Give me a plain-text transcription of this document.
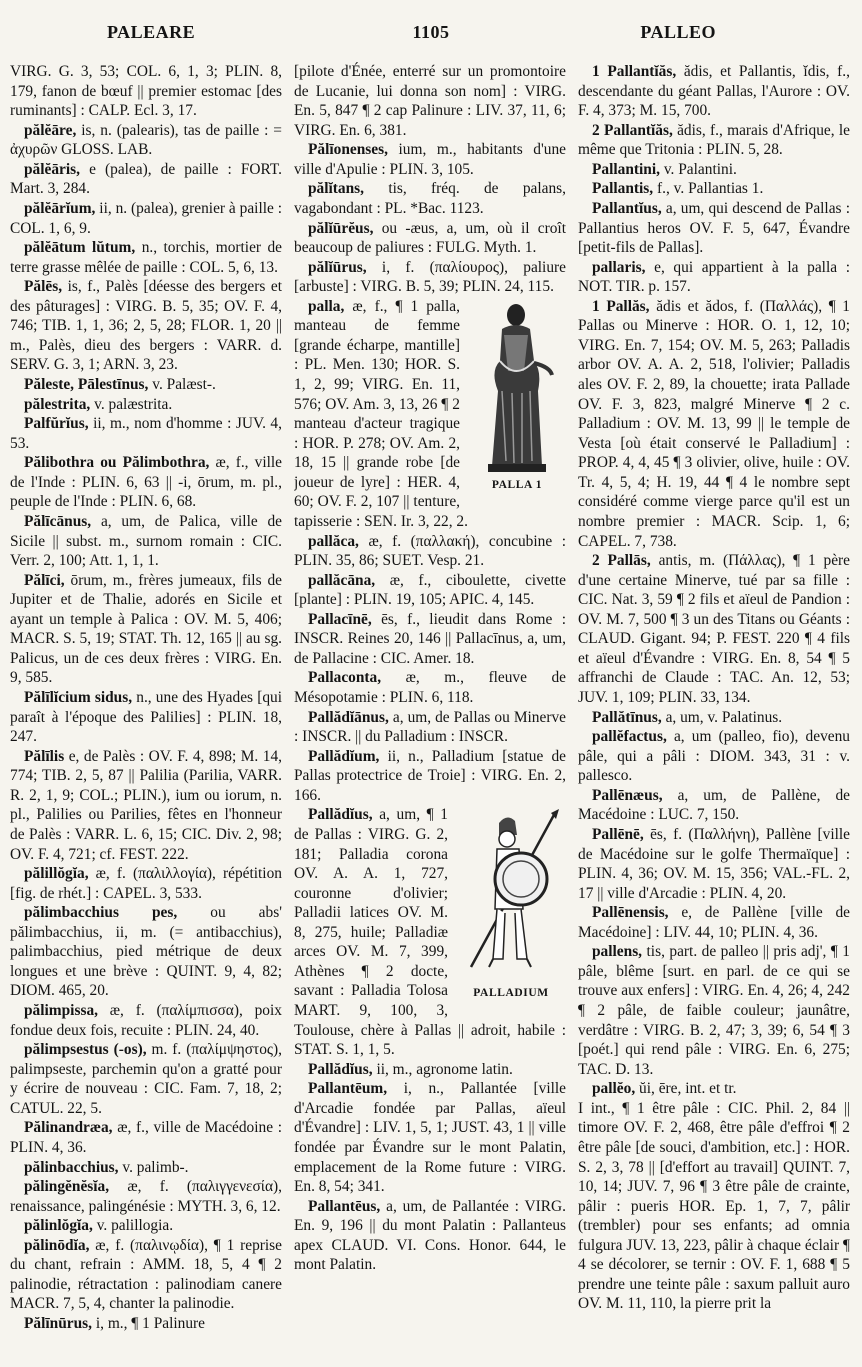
PALEARE	1105	PALLEO

VIRG. G. 3, 53; COL. 6, 1, 3; PLIN. 8, 179, fanon de bœuf || premier estomac [des ruminants] : CALP. Ecl. 3, 17.

pălĕāre, is, n. (palearis), tas de paille : = ἀχυρῶν GLOSS. LAB.

pălĕāris, e (palea), de paille : FORT. Mart. 3, 284.

pălĕārĭum, ii, n. (palea), grenier à paille : COL. 1, 6, 9.

pălĕātum lŭtum, n., torchis, mortier de terre grasse mêlée de paille : COL. 5, 6, 13.

Pălēs, is, f., Palès [déesse des bergers et des pâturages] : VIRG. B. 5, 35; OV. F. 4, 746; TIB. 1, 1, 36; 2, 5, 28; FLOR. 1, 20 || m., Palès, dieu des bergers : VARR. d. SERV. G. 3, 1; ARN. 3, 23.

Păleste, Pālestīnus, v. Palæst-.

pălestrita, v. palæstrita.

Palfŭrĭus, ii, m., nom d'homme : JUV. 4, 53.

Pălibothra ou Pălimbothra, æ, f., ville de l'Inde : PLIN. 6, 63 || -i, ōrum, m. pl., peuple de l'Inde : PLIN. 6, 68.

Pălīcānus, a, um, de Palica, ville de Sicile || subst. m., surnom romain : CIC. Verr. 2, 100; Att. 1, 1, 1.

Pălīci, ōrum, m., frères jumeaux, fils de Jupiter et de Thalie, adorés en Sicile et ayant un temple à Palica : OV. M. 5, 406; MACR. S. 5, 19; STAT. Th. 12, 165 || au sg. Palicus, un de ces deux frères : VIRG. En. 9, 585.

Pălīlĭcium sidus, n., une des Hyades [qui paraît à l'époque des Palilies] : PLIN. 18, 247.

Pălīlis e, de Palès : OV. F. 4, 898; M. 14, 774; TIB. 2, 5, 87 || Palilia (Parilia, VARR. R. 2, 1, 9; COL.; PLIN.), ium ou iorum, n. pl., Palilies ou Parilies, fêtes en l'honneur de Palès : VARR. L. 6, 15; CIC. Div. 2, 98; OV. F. 4, 721; cf. FEST. 222.

pălillŏgĭa, æ, f. (παλιλλογία), répétition [fig. de rhét.] : CAPEL. 3, 533.

pălimbacchius pes, ou abs' pălimbacchius, ii, m. (= antibacchius), palimbacchius, pied métrique de deux longues et une brève : QUINT. 9, 4, 82; DIOM. 465, 20.

pălimpissa, æ, f. (παλίμπισσα), poix fondue deux fois, recuite : PLIN. 24, 40.

pălimpsestus (-os), m. f. (παλίμψηστος), palimpseste, parchemin qu'on a gratté pour y écrire de nouveau : CIC. Fam. 7, 18, 2; CATUL. 22, 5.

Pălinandræa, æ, f., ville de Macédoine : PLIN. 4, 36.

pălinbacchius, v. palimb-.

pălingĕnĕsĭa, æ, f. (παλιγγενεσία), renaissance, palingénésie : MYTH. 3, 6, 12.

pălinlŏgĭa, v. palillogia.

pălinōdĭa, æ, f. (παλινῳδία), ¶ 1 reprise du chant, refrain : AMM. 18, 5, 4 ¶ 2 palinodie, rétractation : palinodiam canere MACR. 7, 5, 4, chanter la palinodie.

Pălīnūrus, i, m., ¶ 1 Palinure

[pilote d'Énée, enterré sur un promontoire de Lucanie, lui donna son nom] : VIRG. En. 5, 847 ¶ 2 cap Palinure : LIV. 37, 11, 6; VIRG. En. 6, 381.

Pălīonenses, ium, m., habitants d'une ville d'Apulie : PLIN. 3, 105.

pălĭtans, tis, fréq. de palans, vagabondant : PL. *Bac. 1123.

pălĭūrĕus, ou -æus, a, um, où il croît beaucoup de paliures : FULG. Myth. 1.

pălĭūrus, i, f. (παλίουρος), paliure [arbuste] : VIRG. B. 5, 39; PLIN. 24, 115.

PALLA 1

palla, æ, f., ¶ 1 palla, manteau de femme [grande écharpe, mantille] : PL. Men. 130; HOR. S. 1, 2, 99; VIRG. En. 11, 576; OV. Am. 3, 13, 26 ¶ 2 manteau d'acteur tragique : HOR. P. 278; OV. Am. 2, 18, 15 || grande robe [de joueur de lyre] : HER. 4, 60; OV. F. 2, 107 || tenture, tapisserie : SEN. Ir. 3, 22, 2.

pallăca, æ, f. (παλλακή), concubine : PLIN. 35, 86; SUET. Vesp. 21.

pallăcāna, æ, f., ciboulette, civette [plante] : PLIN. 19, 105; APIC. 4, 145.

Pallacīnē, ēs, f., lieudit dans Rome : INSCR. Reines 20, 146 || Pallacīnus, a, um, de Pallacine : CIC. Amer. 18.

Pallaconta, æ, m., fleuve de Mésopotamie : PLIN. 6, 118.

Pallădĭānus, a, um, de Pallas ou Minerve : INSCR. || du Palladium : INSCR.

Pallădĭum, ii, n., Palladium [statue de Pallas protectrice de Troie] : VIRG. En. 2, 166.

PALLADIUM

Pallădĭus, a, um, ¶ 1 de Pallas : VIRG. G. 2, 181; Palladia corona OV. A. A. 1, 727, couronne d'olivier; Palladii latices OV. M. 8, 275, huile; Palladiæ arces OV. M. 7, 399, Athènes ¶ 2 docte, savant : Palladia Tolosa MART. 9, 100, 3, Toulouse, chère à Pallas || adroit, habile : STAT. S. 1, 1, 5.

Pallădĭus, ii, m., agronome latin.

Pallantēum, i, n., Pallantée [ville d'Arcadie fondée par Pallas, aïeul d'Évandre] : LIV. 1, 5, 1; JUST. 43, 1 || ville fondée par Évandre sur le mont Palatin, emplacement de la Rome future : VIRG. En. 8, 54; 341.

Pallantēus, a, um, de Pallantée : VIRG. En. 9, 196 || du mont Palatin : Pallanteus apex CLAUD. VI. Cons. Honor. 644, le mont Palatin.

1 Pallantĭăs, ădis, et Pallantis, ĭdis, f., descendante du géant Pallas, l'Aurore : OV. F. 4, 373; M. 15, 700.

2 Pallantĭăs, ădis, f., marais d'Afrique, le même que Tritonia : PLIN. 5, 28.

Pallantini, v. Palantini.

Pallantis, f., v. Pallantias 1.

Pallantĭus, a, um, qui descend de Pallas : Pallantius heros OV. F. 5, 647, Évandre [petit-fils de Pallas].

pallaris, e, qui appartient à la palla : NOT. TIR. p. 157.

1 Pallăs, ădis et ădos, f. (Παλλάς), ¶ 1 Pallas ou Minerve : HOR. O. 1, 12, 10; VIRG. En. 7, 154; OV. M. 5, 263; Palladis arbor OV. A. A. 2, 518, l'olivier; Palladis ales OV. F. 2, 89, la chouette; irata Pallade OV. F. 3, 823, malgré Minerve ¶ 2 c. Palladium : OV. M. 13, 99 || le temple de Vesta [où était conservé le Palladium] : PROP. 4, 4, 45 ¶ 3 olivier, olive, huile : OV. Tr. 4, 5, 4; H. 19, 44 ¶ 4 le nombre sept considéré comme vierge parce qu'il est un nombre premier : MACR. Scip. 1, 6; CAPEL. 7, 738.

2 Pallās, antis, m. (Πάλλας), ¶ 1 père d'une certaine Minerve, tué par sa fille : CIC. Nat. 3, 59 ¶ 2 fils et aïeul de Pandion : OV. M. 7, 500 ¶ 3 un des Titans ou Géants : CLAUD. Gigant. 94; P. FEST. 220 ¶ 4 fils et aïeul d'Évandre : VIRG. En. 8, 54 ¶ 5 affranchi de Claude : TAC. An. 12, 53; JUV. 1, 109; PLIN. 33, 134.

Pallătīnus, a, um, v. Palatinus.

pallĕfactus, a, um (palleo, fio), devenu pâle, qui a pâli : DIOM. 343, 31 : v. pallesco.

Pallēnæus, a, um, de Pallène, de Macédoine : LUC. 7, 150.

Pallēnē, ēs, f. (Παλλήνη), Pallène [ville de Macédoine sur le golfe Thermaïque] : PLIN. 4, 36; OV. M. 15, 356; VAL.-FL. 2, 17 || ville d'Arcadie : PLIN. 4, 20.

Pallēnensis, e, de Pallène [ville de Macédoine] : LIV. 44, 10; PLIN. 4, 36.

pallens, tis, part. de palleo || pris adj', ¶ 1 pâle, blême [surt. en parl. de ce qui se trouve aux enfers] : VIRG. En. 4, 26; 4, 242 ¶ 2 pâle, de faible couleur; jaunâtre, verdâtre : VIRG. B. 2, 47; 3, 39; 6, 54 ¶ 3 [poét.] qui rend pâle : VIRG. En. 6, 275; TAC. D. 13.

pallĕo, ŭi, ēre, int. et tr.

I int., ¶ 1 être pâle : CIC. Phil. 2, 84 || timore OV. F. 2, 468, être pâle d'effroi ¶ 2 être pâle [de souci, d'ambition, etc.] : HOR. S. 2, 3, 78 || [d'effort au travail] QUINT. 7, 10, 14; JUV. 7, 96 ¶ 3 être pâle de crainte, pâlir : pueris HOR. Ep. 1, 7, 7, pâlir (trembler) pour ses enfants; ad omnia fulgura JUV. 13, 223, pâlir à chaque éclair ¶ 4 se décolorer, se ternir : OV. F. 1, 688 ¶ 5 prendre une teinte pâle : saxum palluit auro OV. M. 11, 110, la pierre prit la
